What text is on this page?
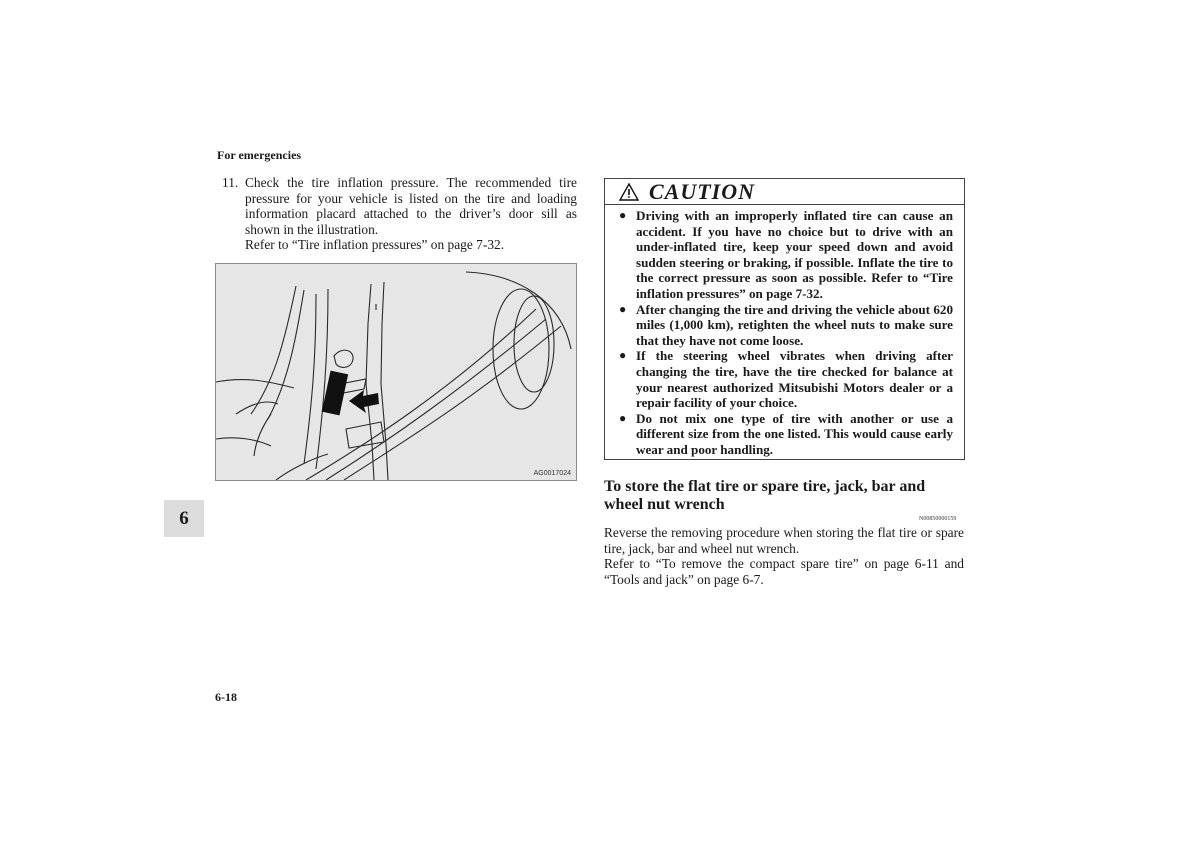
For emergencies
11. Check the tire inflation pressure. The recommended tire pressure for your vehicle is listed on the tire and loading information placard attached to the driver’s door sill as shown in the illustration.
Refer to “Tire inflation pressures” on page 7-32.
AG0017024
6
6-18
CAUTION
● Driving with an improperly inflated tire can cause an accident. If you have no choice but to drive with an under-inflated tire, keep your speed down and avoid sudden steering or braking, if possible. Inflate the tire to the correct pressure as soon as possible. Refer to “Tire inflation pressures” on page 7-32.
● After changing the tire and driving the vehicle about 620 miles (1,000 km), retighten the wheel nuts to make sure that they have not come loose.
● If the steering wheel vibrates when driving after changing the tire, have the tire checked for balance at your nearest authorized Mitsubishi Motors dealer or a repair facility of your choice.
● Do not mix one type of tire with another or use a different size from the one listed. This would cause early wear and poor handling.
To store the flat tire or spare tire, jack, bar and wheel nut wrench
N00850000159
Reverse the removing procedure when storing the flat tire or spare tire, jack, bar and wheel nut wrench.
Refer to “To remove the compact spare tire” on page 6-11 and “Tools and jack” on page 6-7.
